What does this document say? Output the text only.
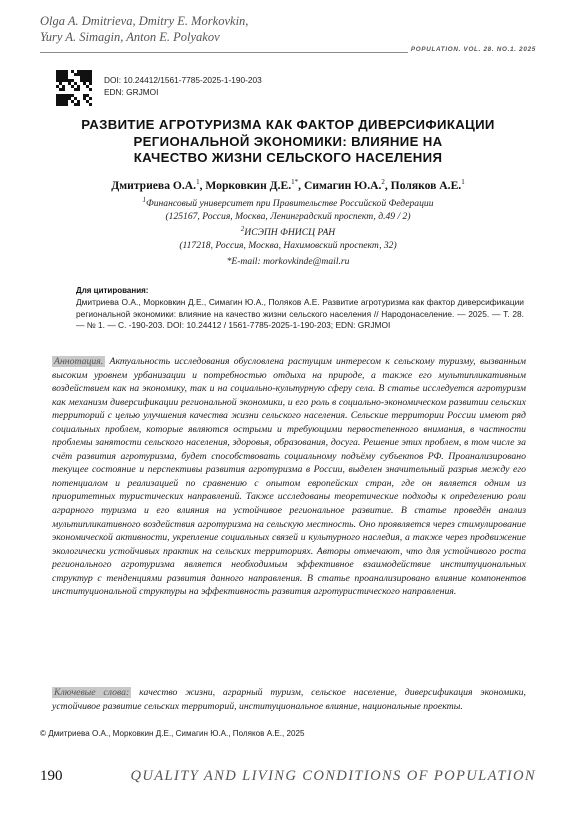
Olga A. Dmitrieva, Dmitry E. Morkovkin,
Yury A. Simagin, Anton E. Polyakov
POPULATION. VOL. 28. NO.1. 2025
DOI: 10.24412/1561-7785-2025-1-190-203
EDN: GRJMOI
РАЗВИТИЕ АГРОТУРИЗМА КАК ФАКТОР ДИВЕРСИФИКАЦИИ
РЕГИОНАЛЬНОЙ ЭКОНОМИКИ: ВЛИЯНИЕ НА
КАЧЕСТВО ЖИЗНИ СЕЛЬСКОГО НАСЕЛЕНИЯ
Дмитриева О.А.$^1$, Морковкин Д.Е.$^{1*}$, Симагин Ю.А.$^2$, Поляков А.Е.$^1$
$^1$Финансовый университет при Правительстве Российской Федерации
(125167, Россия, Москва, Ленинградский проспект, д.49 / 2)
$^2$ИСЭПН ФНИСЦ РАН
(117218, Россия, Москва, Нахимовский проспект, 32)
*E-mail: morkovkinde@mail.ru
Для цитирования:
Дмитриева О.А., Морковкин Д.Е., Симагин Ю.А., Поляков А.Е. Развитие агротуризма как фактор диверсификации региональной экономики: влияние на качество жизни сельского населения // Народонаселение. — 2025. — Т. 28. — № 1. — С. -190-203. DOI: 10.24412 / 1561-7785-2025-1-190-203; EDN: GRJMOI
Аннотация. Актуальность исследования обусловлена растущим интересом к сельскому туризму, вызванным высоким уровнем урбанизации и потребностью отдыха на природе, а также его мультипликативным воздействием как на экономику, так и на социально-культурную сферу села. В статье исследуется агротуризм как механизм диверсификации региональной экономики, и его роль в социально-экономическом развитии сельских территорий с целью улучшения качества жизни сельского населения. Сельские территории России имеют ряд социальных проблем, которые являются острыми и требующими первостепенного внимания, в частности проблемы занятости сельского населения, здоровья, образования, досуга. Решение этих проблем, в том числе за счёт развития агротуризма, будет способствовать социальному подъёму субъектов РФ. Проанализировано текущее состояние и перспективы развития агротуризма в России, выделен значительный разрыв между его потенциалом и реализацией по сравнению с опытом европейских стран, где он является одним из приоритетных туристических направлений. Также исследованы теоретические подходы к определению роли аграрного туризма и его влияния на устойчивое региональное развитие. В статье проведён анализ мультипликативного воздействия агротуризма на сельскую местность. Оно проявляется через стимулирование экономической активности, укрепление социальных связей и культурного наследия, а также через продвижение экологически устойчивых практик на сельских территориях. Авторы отмечают, что для устойчивого роста регионального агротуризма является необходимым эффективное взаимодействие институциональных структур с тенденциями развития данного направления. В статье проанализировано влияние компонентов институциональной структуры на эффективность развития агротуристического направления.
Ключевые слова: качество жизни, аграрный туризм, сельское население, диверсификация экономики, устойчивое развитие сельских территорий, институциональное влияние, национальные проекты.
© Дмитриева О.А., Морковкин Д.Е., Симагин Ю.А., Поляков А.Е., 2025
190	QUALITY AND LIVING CONDITIONS OF POPULATION
